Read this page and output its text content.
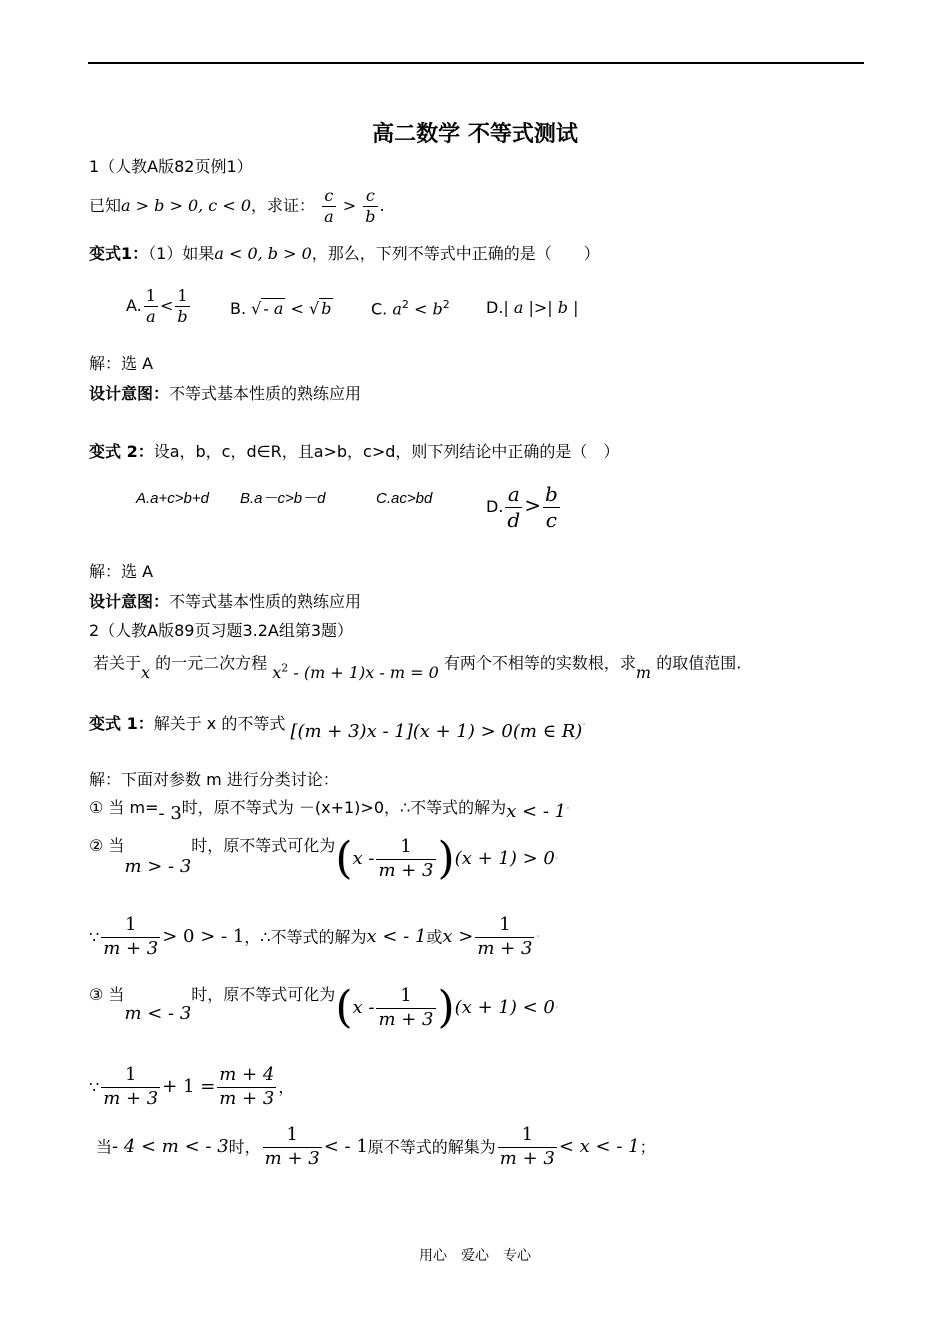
高二数学 不等式测试
1（人教A版82页例1）
已知a > b > 0, c < 0，求证： $\frac{c}{a} > \frac{c}{b}$ .
变式1：（1）如果a < 0, b > 0，那么，下列不等式中正确的是（　　）
A. $\frac{1}{a} < \frac{1}{b}$	B. √ - a < √ b C. $a^2 < b^2$ D.| a |>| b |
解：选 A
设计意图：不等式基本性质的熟练应用
变式 2：设a，b，c，d∈R，且a>b，c>d，则下列结论中正确的是（　）
A.a+c>b+d B.a－c>b－d	C.ac>bd	D. $\frac{a}{d} > \frac{b}{c}$
解：选 A
设计意图：不等式基本性质的熟练应用
2（人教A版89页习题3.2A组第3题）
若关于x 的一元二次方程 $x^2 - (m + 1)x - m = 0$ 有两个不相等的实数根，求m 的取值范围.
变式 1：解关于 x 的不等式 [(m + 3)x - 1](x + 1) > 0(m ∈ R)◦
解：下面对参数 m 进行分类讨论：
① 当 m=- 3时，原不等式为 －(x+1)>0，∴不等式的解为x < - 1◦
② 当m > - 3时，原不等式可化为$(x - \frac{1}{m + 3} )(x + 1)$ > 0◦
∵ $\frac{1}{m + 3} > 0$ > - 1，∴不等式的解为x < - 1或$x > \frac{1}{m + 3}$ ◦
③ 当m < - 3时，原不等式可化为$(x - \frac{1}{m + 3} )(x + 1)$ < 0◦
∵ $\frac{1}{m + 3} + 1 = \frac{m + 4}{m + 3}$ ，
当- 4 < m < - 3时， $\frac{1}{m + 3}$ < - 1原不等式的解集为 $\frac{1}{m + 3} < x$ < - 1；
用心　爱心　专心
